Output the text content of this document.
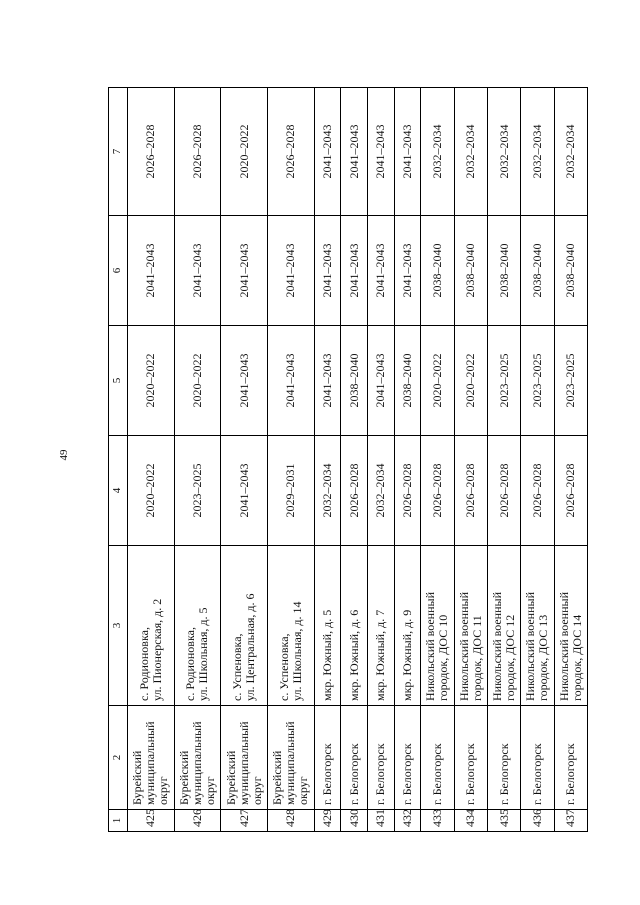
49
1	2	3	4	5	6	7
425	Бурейский
муниципальный
округ	с. Родионовка,
ул. Пионерская, д. 2	2020–2022	2020–2022	2041–2043	2026–2028
426	Бурейский
муниципальный
округ	с. Родионовка,
ул. Школьная, д. 5	2023–2025	2020–2022	2041–2043	2026–2028
427	Бурейский
муниципальный
округ	с. Успеновка,
ул. Центральная, д. 6	2041–2043	2041–2043	2041–2043	2020–2022
428	Бурейский
муниципальный
округ	с. Успеновка,
ул. Школьная, д. 14	2029–2031	2041–2043	2041–2043	2026–2028
429	г. Белогорск	мкр. Южный, д. 5	2032–2034	2041–2043	2041–2043	2041–2043
430	г. Белогорск	мкр. Южный, д. 6	2026–2028	2038–2040	2041–2043	2041–2043
431	г. Белогорск	мкр. Южный, д. 7	2032–2034	2041–2043	2041–2043	2041–2043
432	г. Белогорск	мкр. Южный, д. 9	2026–2028	2038–2040	2041–2043	2041–2043
433	г. Белогорск	Никольский военный
городок, ДОС 10	2026–2028	2020–2022	2038–2040	2032–2034
434	г. Белогорск	Никольский военный
городок, ДОС 11	2026–2028	2020–2022	2038–2040	2032–2034
435	г. Белогорск	Никольский военный
городок, ДОС 12	2026–2028	2023–2025	2038–2040	2032–2034
436	г. Белогорск	Никольский военный
городок, ДОС 13	2026–2028	2023–2025	2038–2040	2032–2034
437	г. Белогорск	Никольский военный
городок, ДОС 14	2026–2028	2023–2025	2038–2040	2032–2034
